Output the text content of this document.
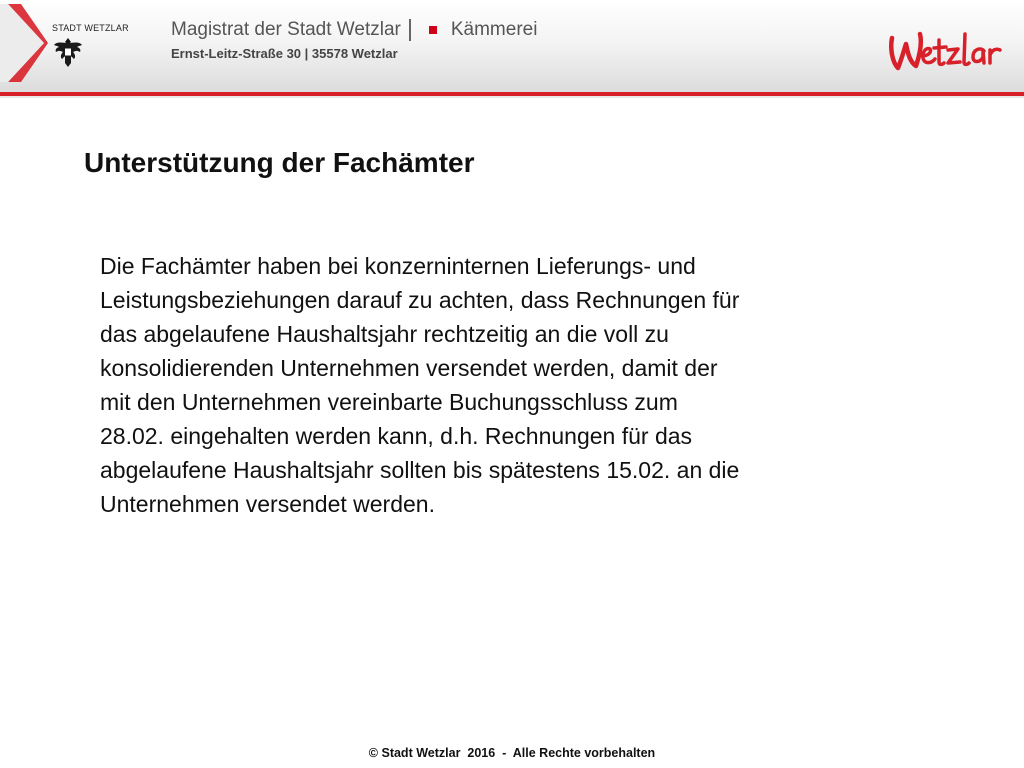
STADT WETZLAR Magistrat der Stadt Wetzlar	Kämmerei
Ernst-Leitz-Straße 30 | 35578 Wetzlar
Unterstützung der Fachämter

Die Fachämter haben bei konzerninternen Lieferungs- und
Leistungsbeziehungen darauf zu achten, dass Rechnungen für
das abgelaufene Haushaltsjahr rechtzeitig an die voll zu
konsolidierenden Unternehmen versendet werden, damit der
mit den Unternehmen vereinbarte Buchungsschluss zum
28.02. eingehalten werden kann, d.h. Rechnungen für das
abgelaufene Haushaltsjahr sollten bis spätestens 15.02. an die
Unternehmen versendet werden.

© Stadt Wetzlar  2016  -  Alle Rechte vorbehalten
